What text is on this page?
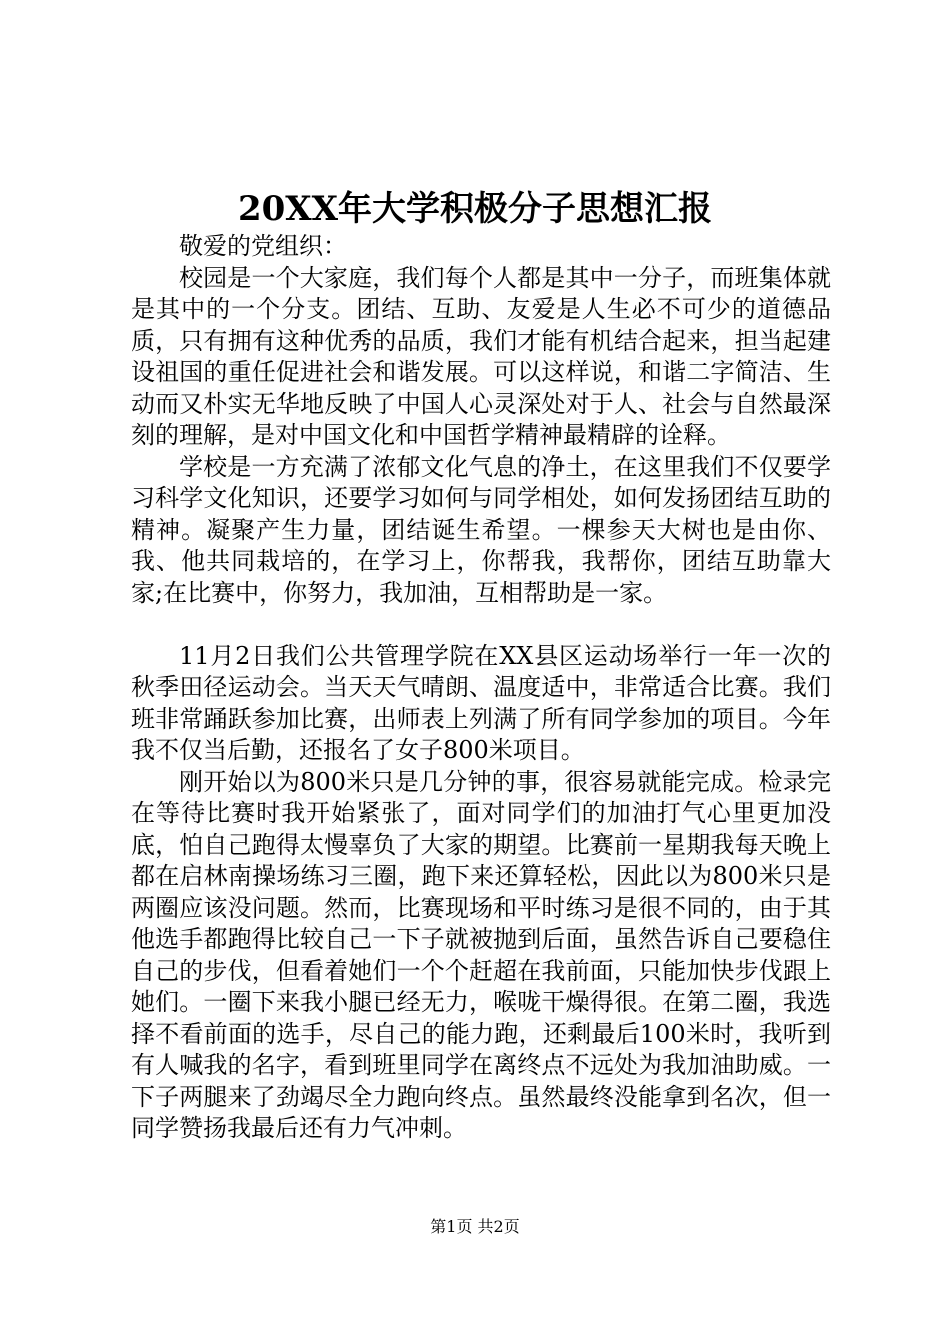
20XX年大学积极分子思想汇报

敬爱的党组织：

校园是一个大家庭，我们每个人都是其中一分子，而班集体就是其中的一个分支。团结、互助、友爱是人生必不可少的道德品质，只有拥有这种优秀的品质，我们才能有机结合起来，担当起建设祖国的重任促进社会和谐发展。可以这样说，和谐二字简洁、生动而又朴实无华地反映了中国人心灵深处对于人、社会与自然最深刻的理解，是对中国文化和中国哲学精神最精辟的诠释。

学校是一方充满了浓郁文化气息的净土，在这里我们不仅要学习科学文化知识，还要学习如何与同学相处，如何发扬团结互助的精神。凝聚产生力量，团结诞生希望。一棵参天大树也是由你、我、他共同栽培的，在学习上，你帮我，我帮你，团结互助靠大家;在比赛中，你努力，我加油，互相帮助是一家。

11月2日我们公共管理学院在XX县区运动场举行一年一次的秋季田径运动会。当天天气晴朗、温度适中，非常适合比赛。我们班非常踊跃参加比赛，出师表上列满了所有同学参加的项目。今年我不仅当后勤，还报名了女子800米项目。

刚开始以为800米只是几分钟的事，很容易就能完成。检录完在等待比赛时我开始紧张了，面对同学们的加油打气心里更加没底，怕自己跑得太慢辜负了大家的期望。比赛前一星期我每天晚上都在启林南操场练习三圈，跑下来还算轻松，因此以为800米只是两圈应该没问题。然而，比赛现场和平时练习是很不同的，由于其他选手都跑得比较自己一下子就被抛到后面，虽然告诉自己要稳住自己的步伐，但看着她们一个个赶超在我前面，只能加快步伐跟上她们。一圈下来我小腿已经无力，喉咙干燥得很。在第二圈，我选择不看前面的选手，尽自己的能力跑，还剩最后100米时，我听到有人喊我的名字，看到班里同学在离终点不远处为我加油助威。一下子两腿来了劲竭尽全力跑向终点。虽然最终没能拿到名次，但一同学赞扬我最后还有力气冲刺。

第1页 共2页
